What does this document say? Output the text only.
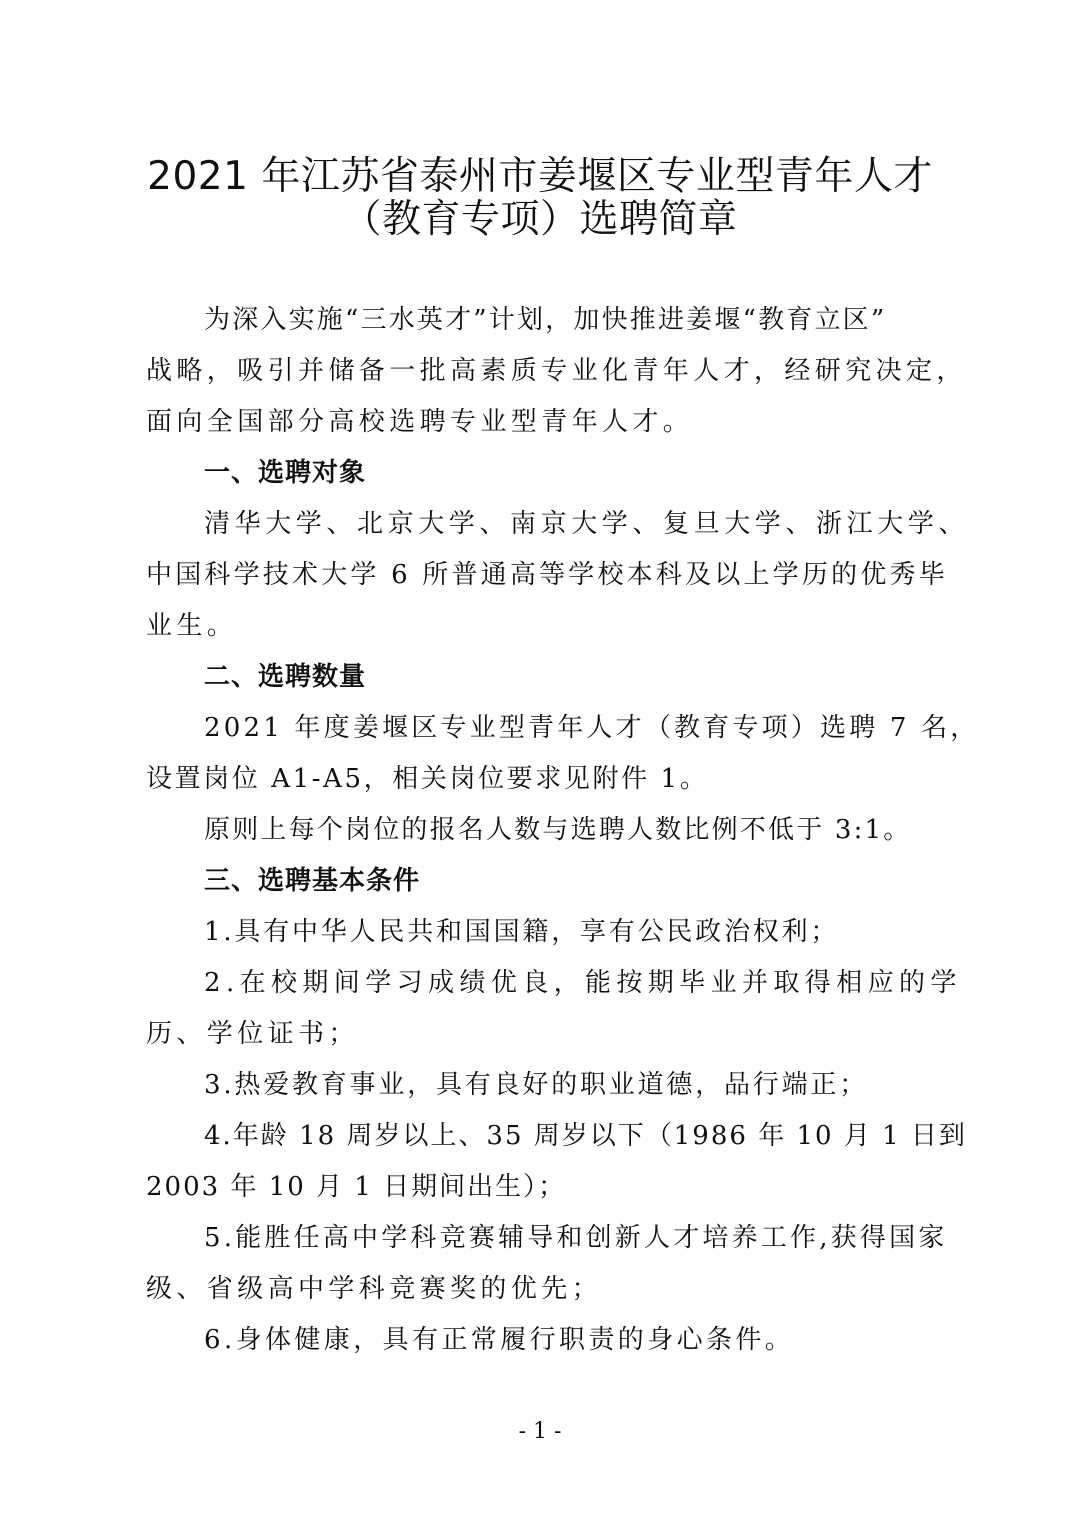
2021 年江苏省泰州市姜堰区专业型青年人才
（教育专项）选聘简章

为深入实施“三水英才”计划，加快推进姜堰“教育立区”
战略，吸引并储备一批高素质专业化青年人才，经研究决定，
面向全国部分高校选聘专业型青年人才。

一、选聘对象

清华大学、北京大学、南京大学、复旦大学、浙江大学、
中国科学技术大学 6 所普通高等学校本科及以上学历的优秀毕
业生。

二、选聘数量

2021 年度姜堰区专业型青年人才（教育专项）选聘 7 名，
设置岗位 A1-A5，相关岗位要求见附件 1。

原则上每个岗位的报名人数与选聘人数比例不低于 3:1。

三、选聘基本条件

1.具有中华人民共和国国籍，享有公民政治权利；

2.在校期间学习成绩优良，能按期毕业并取得相应的学
历、学位证书；

3.热爱教育事业，具有良好的职业道德，品行端正；

4.年龄 18 周岁以上、35 周岁以下（1986 年 10 月 1 日到
2003 年 10 月 1 日期间出生）；

5.能胜任高中学科竞赛辅导和创新人才培养工作,获得国家
级、省级高中学科竞赛奖的优先；

6.身体健康，具有正常履行职责的身心条件。

- 1 -
